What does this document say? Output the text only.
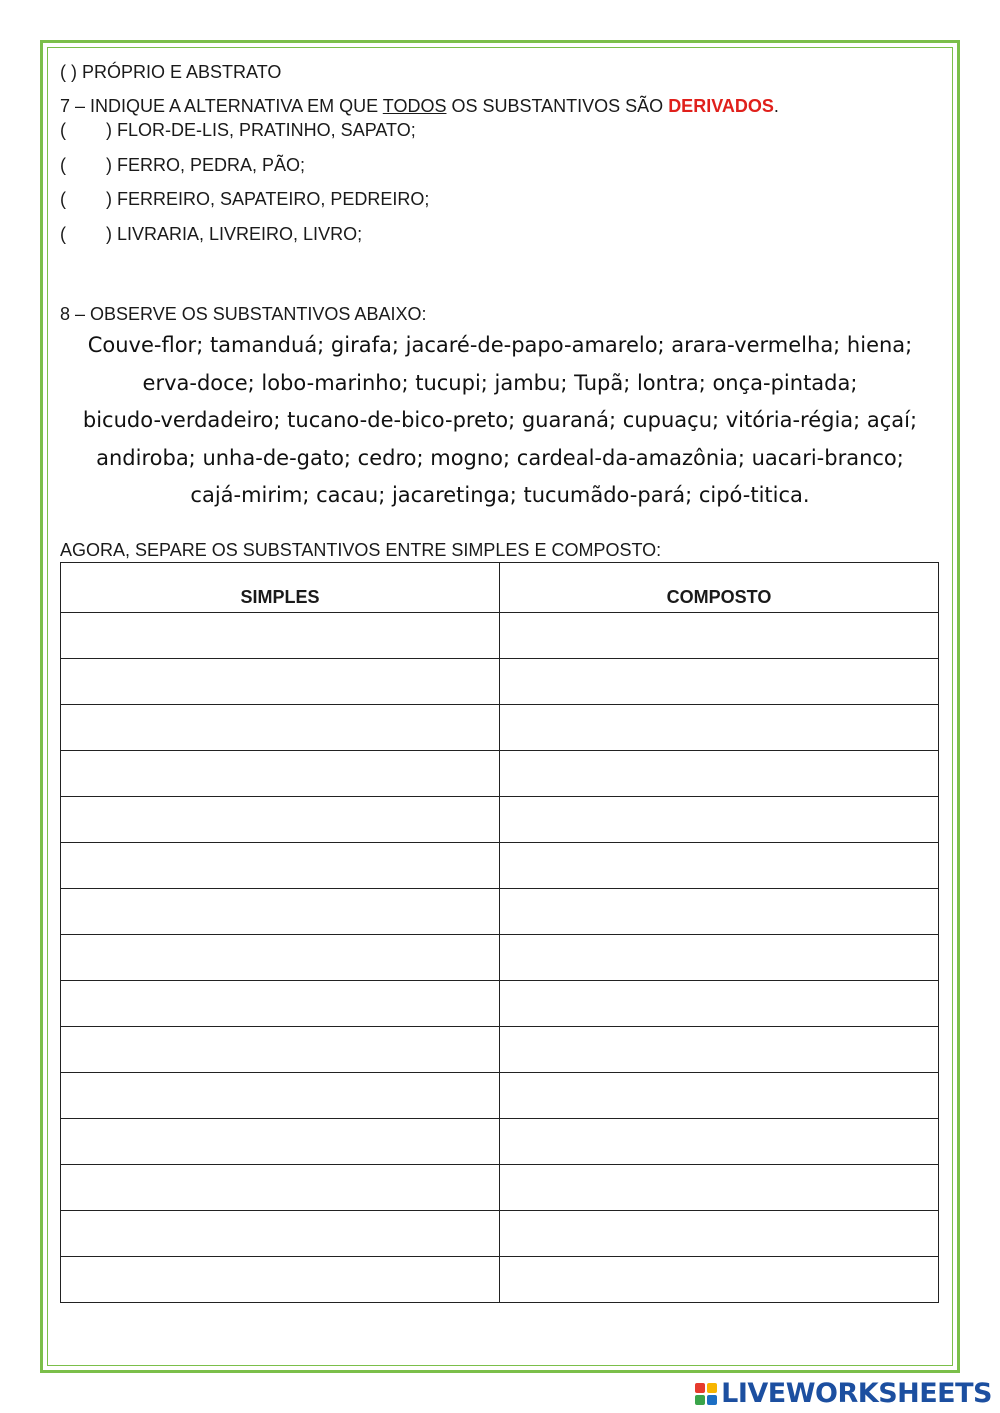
( ) PRÓPRIO E ABSTRATO
7 – INDIQUE A ALTERNATIVA EM QUE TODOS OS SUBSTANTIVOS SÃO DERIVADOS.
( ) FLOR-DE-LIS, PRATINHO, SAPATO;
( ) FERRO, PEDRA, PÃO;
( ) FERREIRO, SAPATEIRO, PEDREIRO;
( ) LIVRARIA, LIVREIRO, LIVRO;
8 – OBSERVE OS SUBSTANTIVOS ABAIXO:
Couve-flor; tamanduá; girafa; jacaré-de-papo-amarelo; arara-vermelha; hiena;
erva-doce; lobo-marinho; tucupi; jambu; Tupã; lontra; onça-pintada;
bicudo-verdadeiro; tucano-de-bico-preto; guaraná; cupuaçu; vitória-régia; açaí;
andiroba; unha-de-gato; cedro; mogno; cardeal-da-amazônia; uacari-branco;
cajá-mirim; cacau; jacaretinga; tucumãdo-pará; cipó-titica.
AGORA, SEPARE OS SUBSTANTIVOS ENTRE SIMPLES E COMPOSTO:
SIMPLES	COMPOSTO

LIVEWORKSHEETS
